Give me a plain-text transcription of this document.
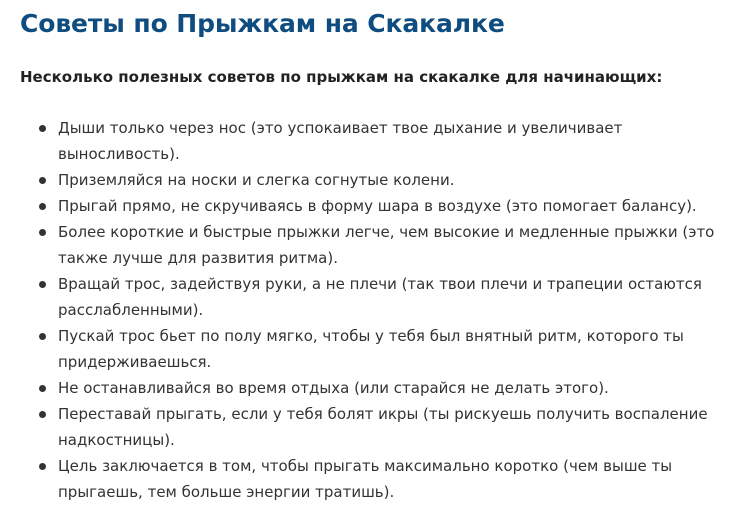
Советы по Прыжкам на Скакалке

Несколько полезных советов по прыжкам на скакалке для начинающих:

Дыши только через нос (это успокаивает твое дыхание и увеличивает выносливость).
Приземляйся на носки и слегка согнутые колени.
Прыгай прямо, не скручиваясь в форму шара в воздухе (это помогает балансу).
Более короткие и быстрые прыжки легче, чем высокие и медленные прыжки (это также лучше для развития ритма).
Вращай трос, задействуя руки, а не плечи (так твои плечи и трапеции остаются расслабленными).
Пускай трос бьет по полу мягко, чтобы у тебя был внятный ритм, которого ты придерживаешься.
Не останавливайся во время отдыха (или старайся не делать этого).
Переставай прыгать, если у тебя болят икры (ты рискуешь получить воспаление надкостницы).
Цель заключается в том, чтобы прыгать максимально коротко (чем выше ты прыгаешь, тем больше энергии тратишь).
